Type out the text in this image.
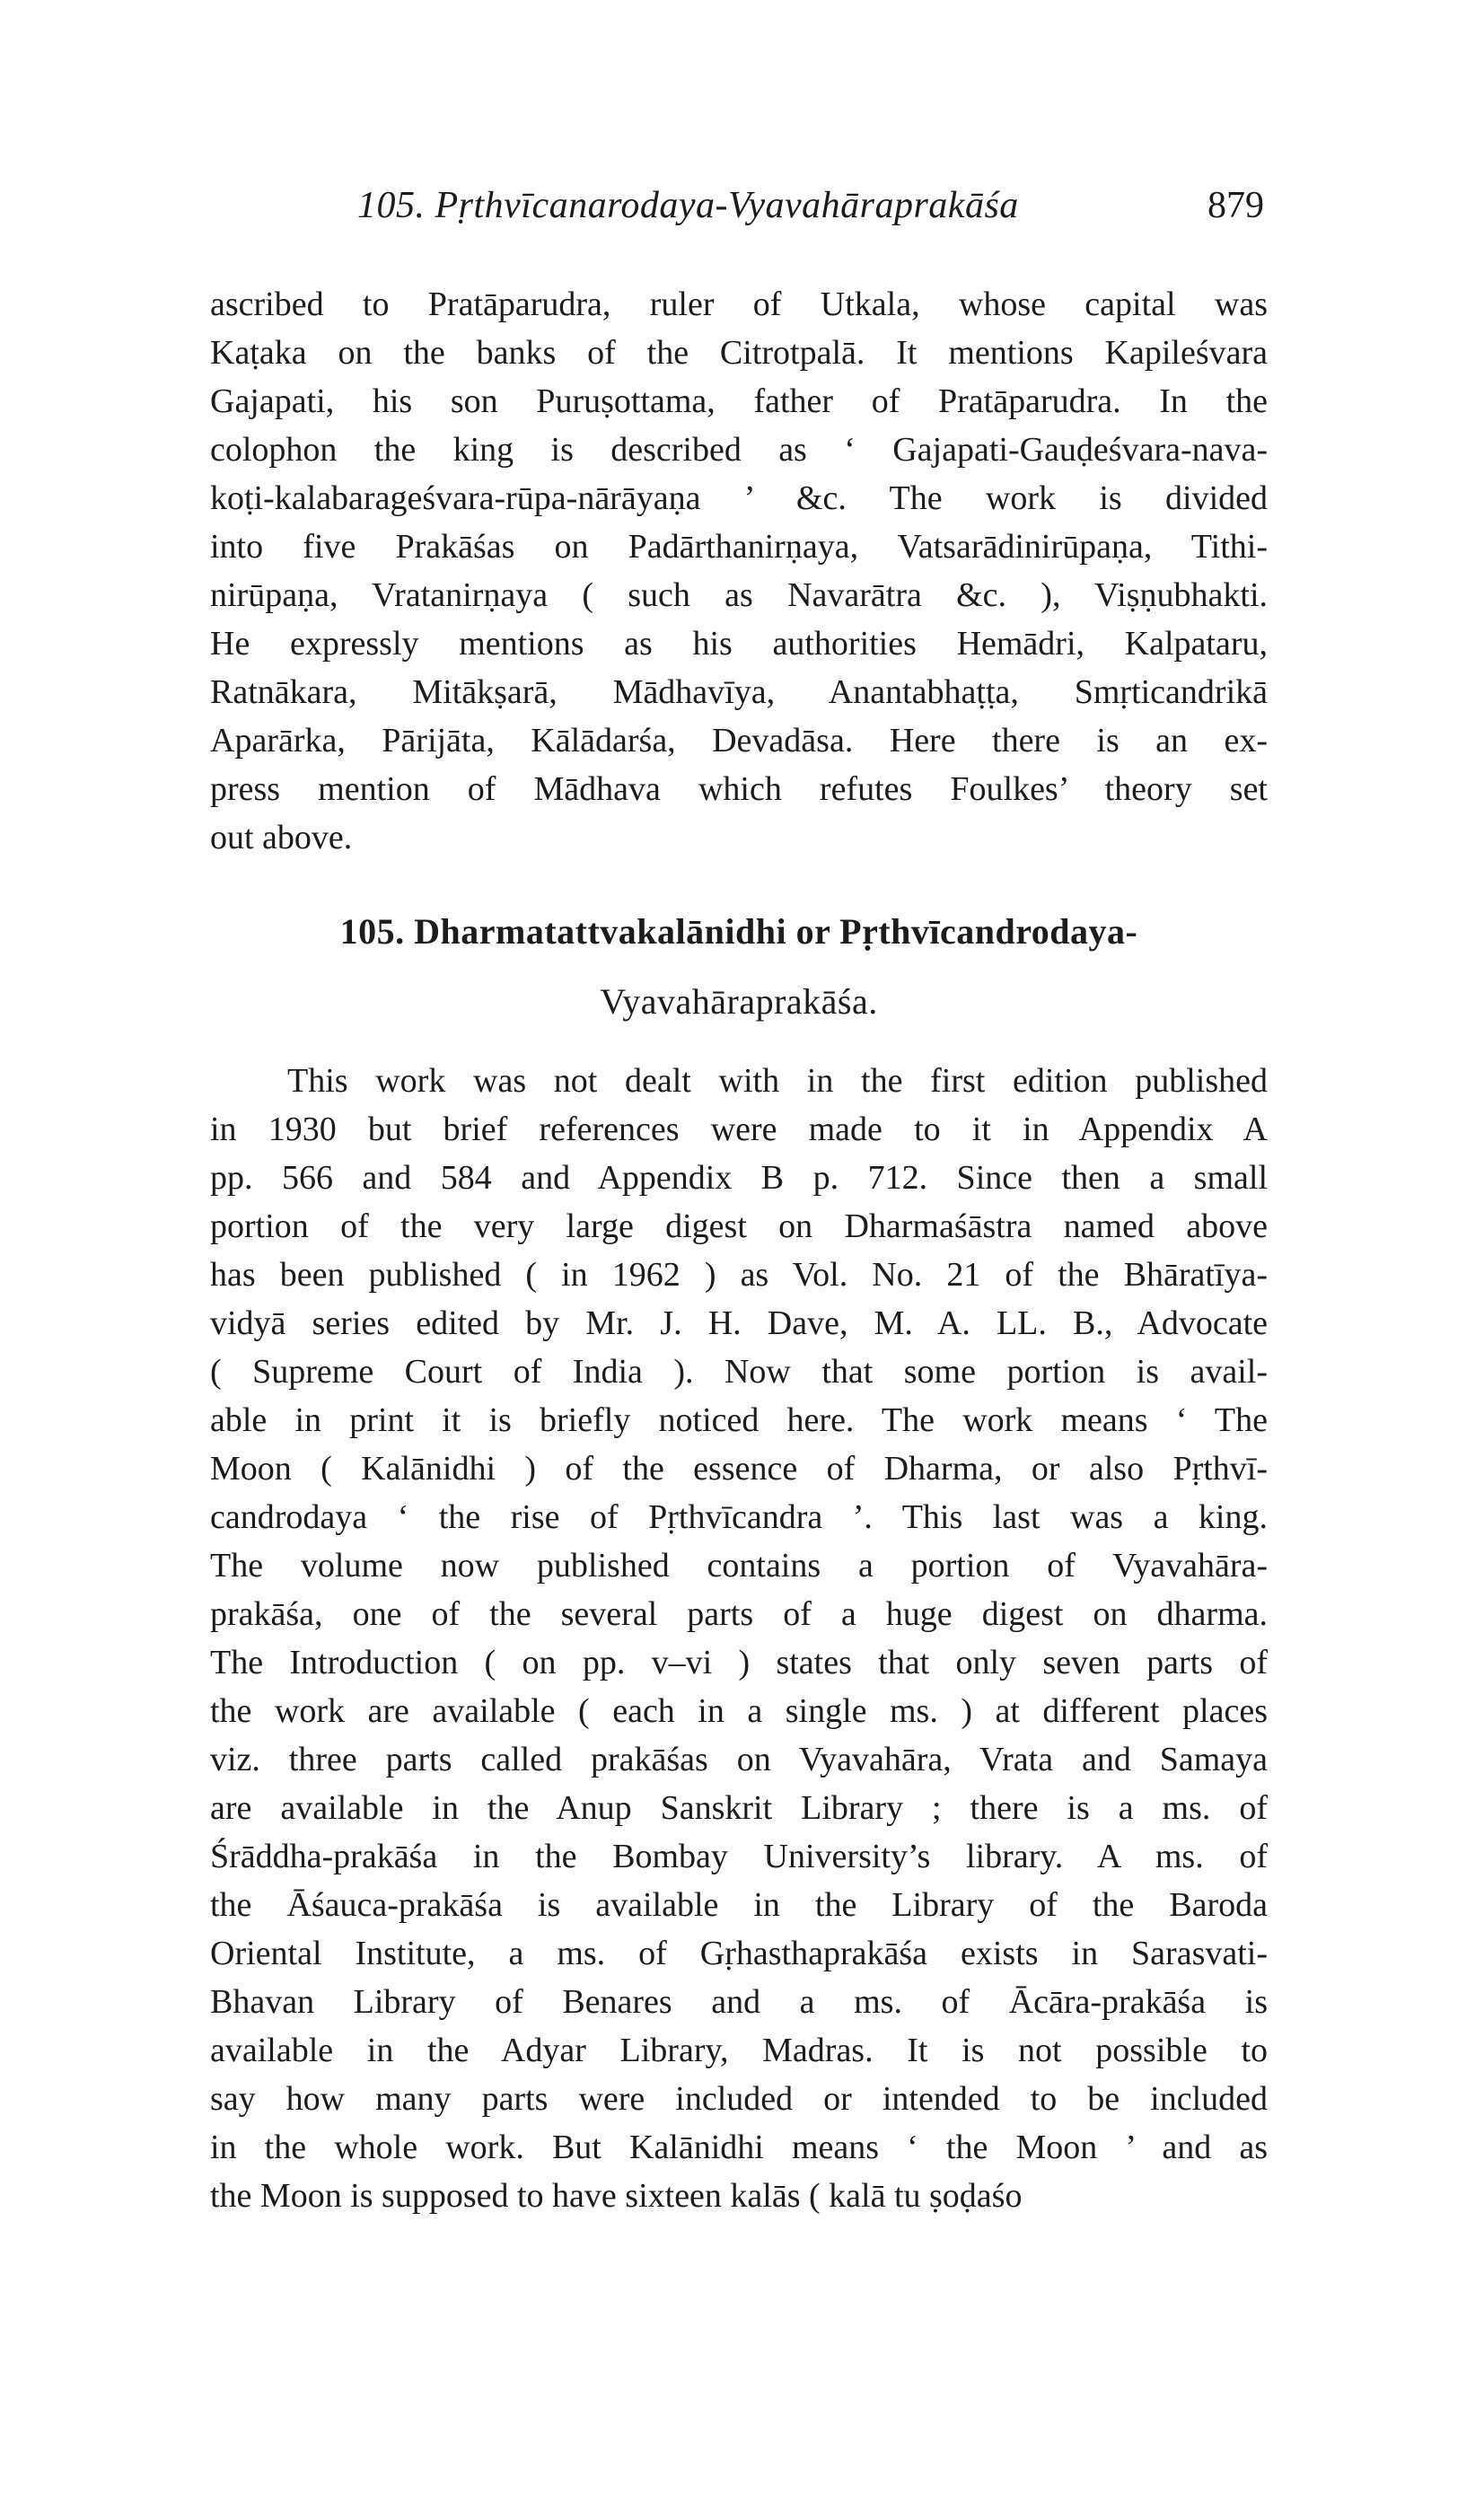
105. Pṛthvīcanarodaya-Vyavahāraprakāśa	879
ascribed to Pratāparudra, ruler of Utkala, whose capital was
Kaṭaka on the banks of the Citrotpalā. It mentions Kapileśvara
Gajapati, his son Puruṣottama, father of Pratāparudra. In the
colophon the king is described as ‘ Gajapati-Gauḍeśvara-nava-
koṭi-kalabarageśvara-rūpa-nārāyaṇa ’ &c. The work is divided
into five Prakāśas on Padārthanirṇaya, Vatsarādinirūpaṇa, Tithi-
nirūpaṇa, Vratanirṇaya ( such as Navarātra &c. ), Viṣṇubhakti.
He expressly mentions as his authorities Hemādri, Kalpataru,
Ratnākara, Mitākṣarā, Mādhavīya, Anantabhaṭṭa, Smṛticandrikā
Aparārka, Pārijāta, Kālādarśa, Devadāsa. Here there is an ex-
press mention of Mādhava which refutes Foulkes’ theory set
out above.
105. Dharmatattvakalānidhi or Pṛthvīcandrodaya-
Vyavahāraprakāśa.
This work was not dealt with in the first edition published
in 1930 but brief references were made to it in Appendix A
pp. 566 and 584 and Appendix B p. 712. Since then a small
portion of the very large digest on Dharmaśāstra named above
has been published ( in 1962 ) as Vol. No. 21 of the Bhāratīya-
vidyā series edited by Mr. J. H. Dave, M. A. LL. B., Advocate
( Supreme Court of India ). Now that some portion is avail-
able in print it is briefly noticed here. The work means ‘ The
Moon ( Kalānidhi ) of the essence of Dharma, or also Pṛthvī-
candrodaya ‘ the rise of Pṛthvīcandra ’. This last was a king.
The volume now published contains a portion of Vyavahāra-
prakāśa, one of the several parts of a huge digest on dharma.
The Introduction ( on pp. v–vi ) states that only seven parts of
the work are available ( each in a single ms. ) at different places
viz. three parts called prakāśas on Vyavahāra, Vrata and Samaya
are available in the Anup Sanskrit Library ; there is a ms. of
Śrāddha-prakāśa in the Bombay University’s library. A ms. of
the Āśauca-prakāśa is available in the Library of the Baroda
Oriental Institute, a ms. of Gṛhasthaprakāśa exists in Sarasvati-
Bhavan Library of Benares and a ms. of Ācāra-prakāśa is
available in the Adyar Library, Madras. It is not possible to
say how many parts were included or intended to be included
in the whole work. But Kalānidhi means ‘ the Moon ’ and as
the Moon is supposed to have sixteen kalās ( kalā tu ṣoḍaśo
